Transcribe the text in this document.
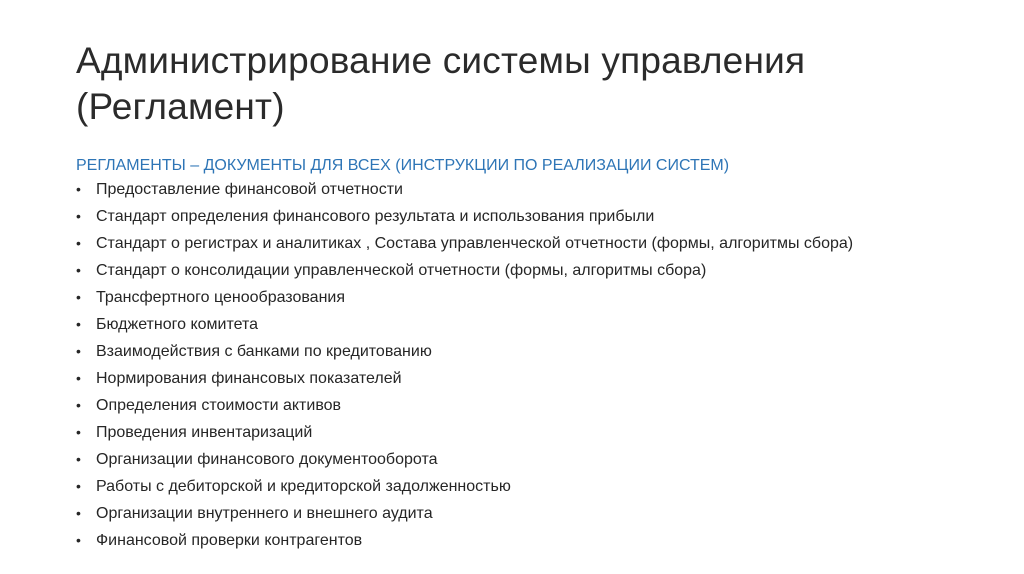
Администрирование системы управления
(Регламент)
РЕГЛАМЕНТЫ – ДОКУМЕНТЫ ДЛЯ ВСЕХ (ИНСТРУКЦИИ ПО РЕАЛИЗАЦИИ СИСТЕМ)
• Предоставление финансовой отчетности
• Стандарт определения финансового результата и использования прибыли
• Стандарт о регистрах и аналитиках , Состава управленческой отчетности (формы, алгоритмы сбора)
• Стандарт о консолидации управленческой отчетности (формы, алгоритмы сбора)
• Трансфертного ценообразования
• Бюджетного комитета
• Взаимодействия с банками по кредитованию
• Нормирования финансовых показателей
• Определения стоимости активов
• Проведения инвентаризаций
• Организации финансового документооборота
• Работы с дебиторской и кредиторской задолженностью
• Организации внутреннего и внешнего аудита
• Финансовой проверки контрагентов
